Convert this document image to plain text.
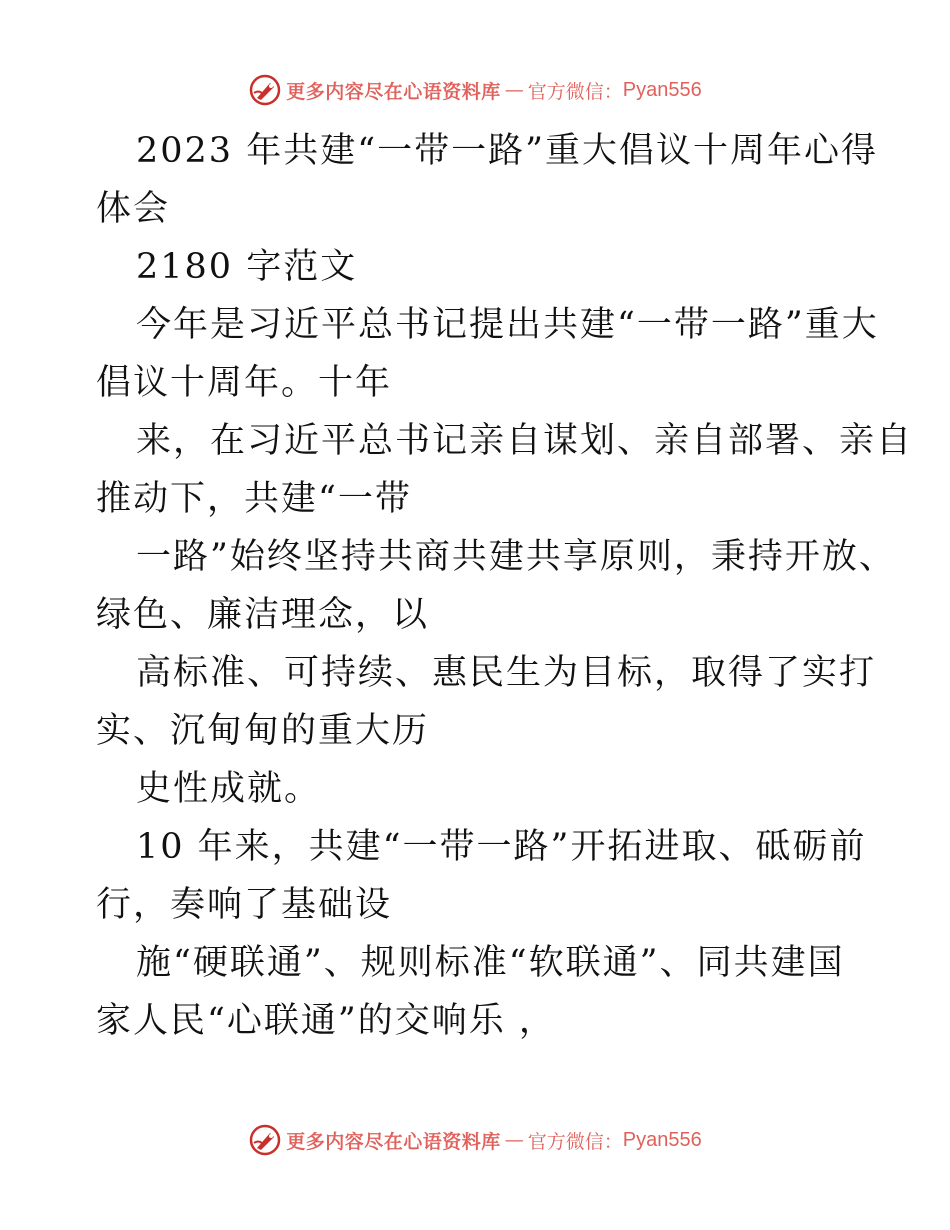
更多内容尽在心语资料库 — 官方微信： Pyan556
2023 年共建“一带一路”重大倡议十周年心得
体会
2180 字范文
今年是习近平总书记提出共建“一带一路”重大
倡议十周年。十年
来，在习近平总书记亲自谋划、亲自部署、亲自
推动下，共建“一带
一路”始终坚持共商共建共享原则，秉持开放、
绿色、廉洁理念，以
高标准、可持续、惠民生为目标，取得了实打
实、沉甸甸的重大历
史性成就。
10 年来，共建“一带一路”开拓进取、砥砺前
行，奏响了基础设
施“硬联通”、规则标准“软联通”、同共建国
家人民“心联通”的交响乐 ，
更多内容尽在心语资料库 — 官方微信： Pyan556
